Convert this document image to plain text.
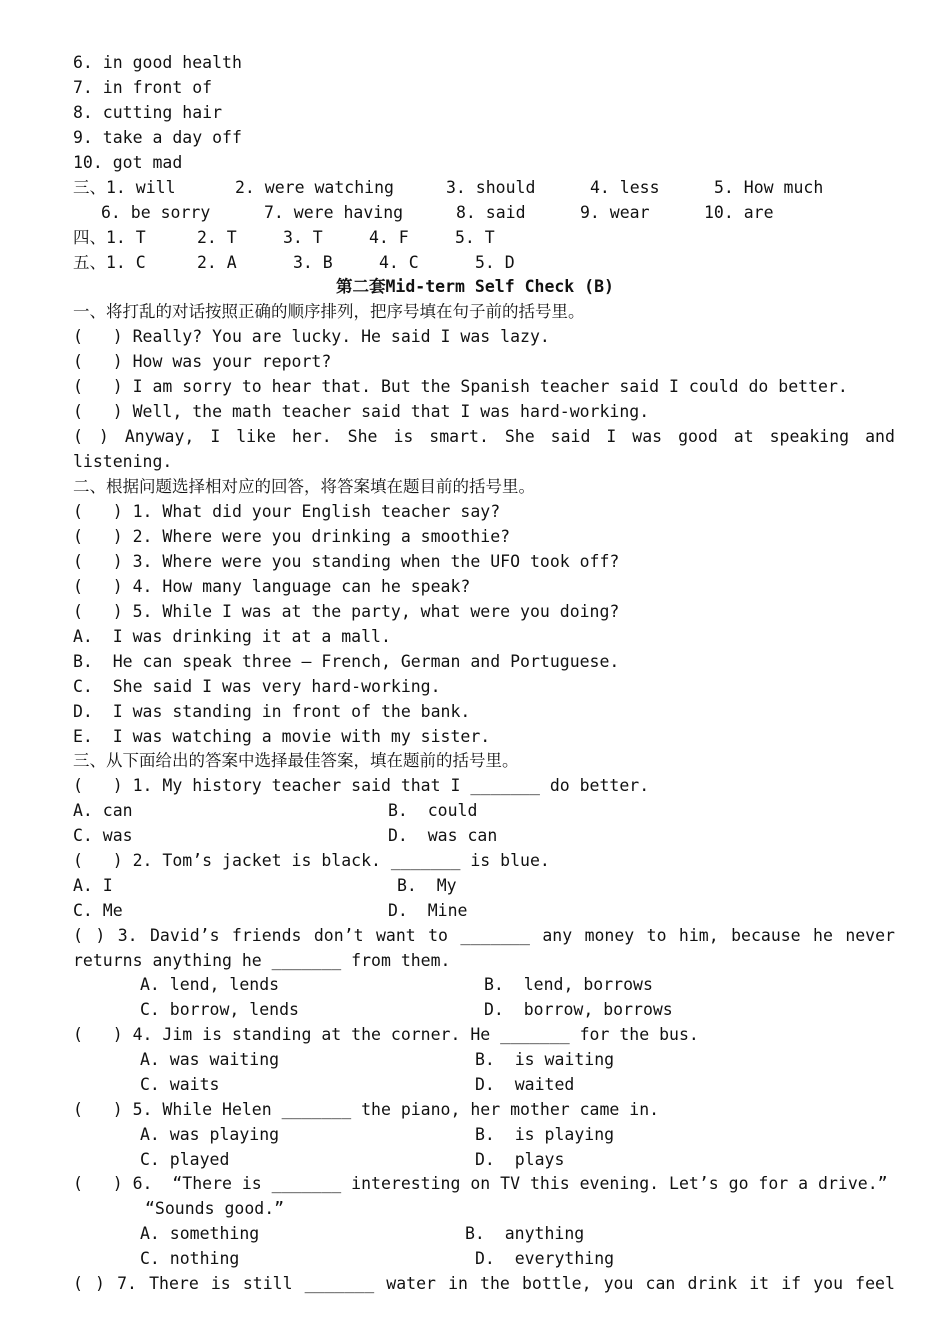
6. in good health
7. in front of
8. cutting hair
9. take a day off
10. got mad
三、1. will	2. were watching	3. should	4. less	5. How much
6. be sorry	7. were having	8. said	9. wear	10. are
四、1. T	2. T	3. T	4. F	5. T
五、1. C	2. A	3. B	4. C	5. D
第二套Mid-term Self Check (B)
一、将打乱的对话按照正确的顺序排列，把序号填在句子前的括号里。
(   ) Really? You are lucky. He said I was lazy.
(   ) How was your report?
(   ) I am sorry to hear that. But the Spanish teacher said I could do better.
(   ) Well, the math teacher said that I was hard-working.
( ) Anyway, I like her. She is smart. She said I was good at speaking and
listening.
二、根据问题选择相对应的回答，将答案填在题目前的括号里。
(   ) 1. What did your English teacher say?
(   ) 2. Where were you drinking a smoothie?
(   ) 3. Where were you standing when the UFO took off?
(   ) 4. How many language can he speak?
(   ) 5. While I was at the party, what were you doing?
A.  I was drinking it at a mall.
B.  He can speak three – French, German and Portuguese.
C.  She said I was very hard-working.
D.  I was standing in front of the bank.
E.  I was watching a movie with my sister.
三、从下面给出的答案中选择最佳答案，填在题前的括号里。
(   ) 1. My history teacher said that I _______ do better.
A. can	B.  could
C. was	D.  was can
(   ) 2. Tom’s jacket is black. _______ is blue.
A. I	B.  My
C. Me	D.  Mine
( ) 3. David’s friends don’t want to _______ any money to him, because he never
returns anything he _______ from them.
A. lend, lends	B.  lend, borrows
C. borrow, lends	D.  borrow, borrows
(   ) 4. Jim is standing at the corner. He _______ for the bus.
A. was waiting	B.  is waiting
C. waits	D.  waited
(   ) 5. While Helen _______ the piano, her mother came in.
A. was playing	B.  is playing
C. played	D.  plays
(   ) 6.  “There is _______ interesting on TV this evening. Let’s go for a drive.”
“Sounds good.”
A. something	B.  anything
C. nothing	D.  everything
( ) 7. There is still _______ water in the bottle, you can drink it if you feel
